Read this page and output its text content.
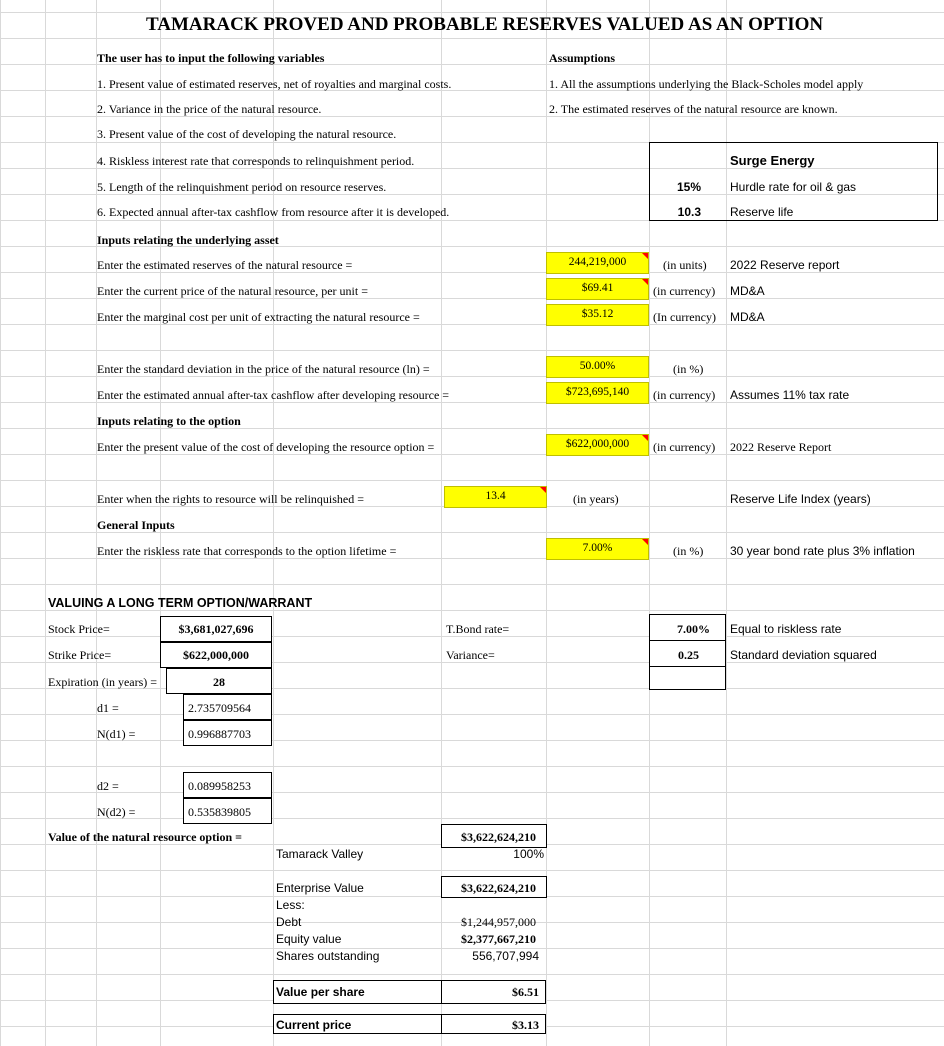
TAMARACK PROVED AND PROBABLE RESERVES VALUED AS AN OPTION
The user has to input the following variables
1. Present value of estimated reserves, net of royalties and marginal costs.
2. Variance in the price of the natural resource.
3. Present value of the cost of developing the natural resource.
4. Riskless interest rate that corresponds to relinquishment period.
5. Length of the relinquishment period on resource reserves.
6. Expected annual after-tax cashflow from resource after it is developed.
Assumptions
1. All the assumptions underlying the Black-Scholes model apply
2. The estimated reserves of the natural resource are known.
Surge Energy
15% Hurdle rate for oil & gas
10.3 Reserve life
Inputs relating the underlying asset
Enter the estimated reserves of the natural resource =	244,219,000	(in units) 2022 Reserve report
Enter the current price of the natural resource, per unit =	$69.41	(in currency) MD&A
Enter the marginal cost per unit of extracting the natural resource =	$35.12	(In currency) MD&A
Enter the standard deviation in the price of the natural resource (ln) =	50.00%	(in %)
Enter the estimated annual after-tax cashflow after developing resource =	$723,695,140	(in currency) Assumes 11% tax rate
Inputs relating to the option
Enter the present value of the cost of developing the resource option =	$622,000,000	(in currency) 2022 Reserve Report
Enter when the rights to resource will be relinquished =	13.4	(in years)	Reserve Life Index (years)
General Inputs
Enter the riskless rate that corresponds to the option lifetime =	7.00%	(in %) 30 year bond rate plus 3% inflation
VALUING A LONG TERM OPTION/WARRANT
Stock Price=	$3,681,027,696
Strike Price=	$622,000,000
Expiration (in years) =	28
T.Bond rate=	7.00% Equal to riskless rate
Variance=	0.25	Standard deviation squared
d1 =	2.735709564
N(d1) =	0.996887703
d2 =	0.089958253
N(d2) =	0.535839805
Value of the natural resource option =	$3,622,624,210
Tamarack Valley	100%
Enterprise Value	$3,622,624,210
Less:
Debt	$1,244,957,000
Equity value	$2,377,667,210
Shares outstanding	556,707,994
Value per share	$6.51
Current price	$3.13
